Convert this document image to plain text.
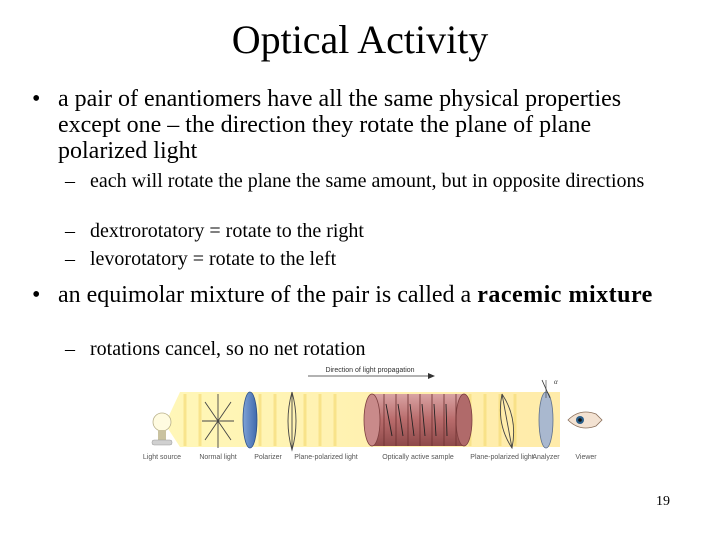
Optical Activity
• a pair of enantiomers have all the same physical properties except one – the direction they rotate the plane of plane polarized light
– each will rotate the plane the same amount, but in opposite directions
– dextrorotatory = rotate to the right
– levorotatory = rotate to the left
• an equimolar mixture of the pair is called a racemic mixture
– rotations cancel, so no net rotation
Direction of light propagation
α
Light source	Normal light	Polarizer Plane-polarized light	Optically active sample Plane-polarized light
Analyzer Viewer
19
